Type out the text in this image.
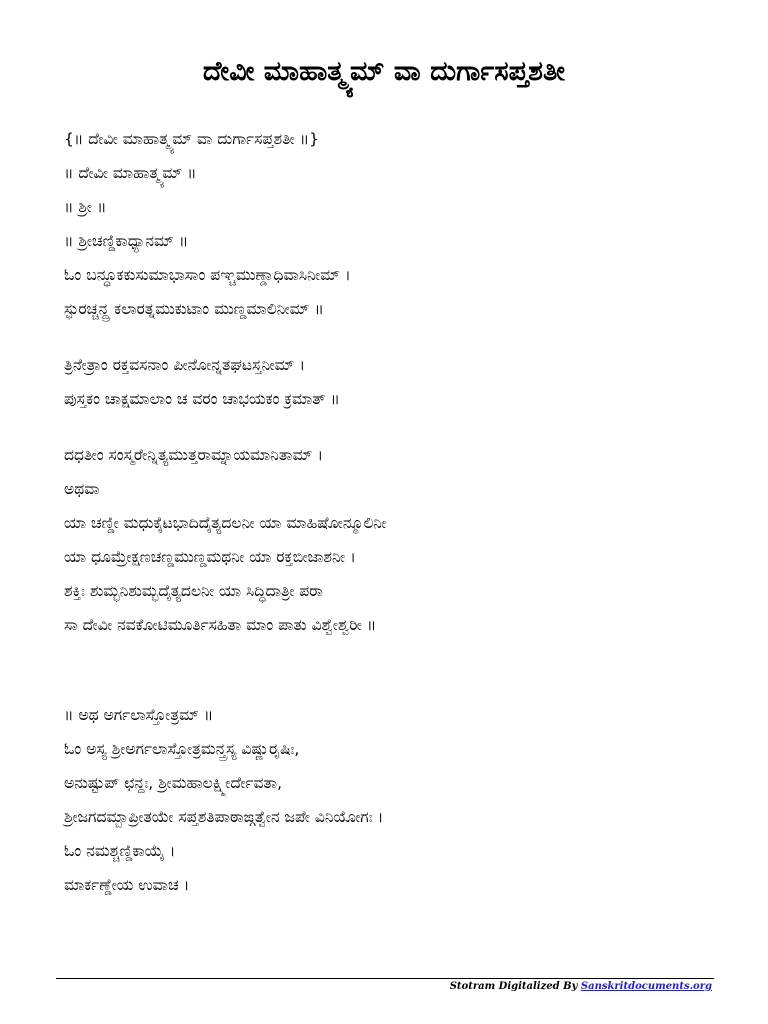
ದೇವೀ ಮಾಹಾತ್ಮ್ಯಮ್ ವಾ ದುರ್ಗಾಸಪ್ತಶತೀ
{॥ ದೇವೀ ಮಾಹಾತ್ಮ್ಯಮ್ ವಾ ದುರ್ಗಾಸಪ್ತಶತೀ ॥}
॥ ದೇವೀ ಮಾಹಾತ್ಮ್ಯಮ್ ॥
॥ ಶ್ರೀ ॥
॥ ಶ್ರೀಚಣ್ಡಿಕಾಧ್ಯಾನಮ್ ॥
ಓಂ ಬನ್ಧೂಕಕುಸುಮಾಭಾಸಾಂ ಪಞ್ಚಮುಣ್ಡಾಧಿವಾಸಿನೀಮ್ ।
ಸ್ಫುರಚ್ಚನ್ದ್ರ ಕಲಾರತ್ನಮುಕುಟಾಂ ಮುಣ್ಡಮಾಲಿನೀಮ್ ॥
ತ್ರಿನೇತ್ರಾಂ ರಕ್ತವಸನಾಂ ಪೀನೋನ್ನತಘಟಸ್ತನೀಮ್ ।
ಪುಸ್ತಕಂ ಚಾಕ್ಷಮಾಲಾಂ ಚ ವರಂ ಚಾಭಯಕಂ ಕ್ರಮಾತ್ ॥
ದಧತೀಂ ಸಂಸ್ಮರೇನ್ನಿತ್ಯಮುತ್ತರಾಮ್ನಾಯಮಾನಿತಾಮ್ ।
ಅಥವಾ
ಯಾ ಚಣ್ಡೀ ಮಧುಕೈಟಭಾದಿದೈತ್ಯದಲನೀ ಯಾ ಮಾಹಿಷೋನ್ಮೂಲಿನೀ
ಯಾ ಧೂಮ್ರೇಕ್ಷಣಚಣ್ಡಮುಣ್ಡಮಥನೀ ಯಾ ರಕ್ತಬೀಜಾಶನೀ ।
ಶಕ್ತಿಃ ಶುಮ್ಭನಿಶುಮ್ಭದೈತ್ಯದಲನೀ ಯಾ ಸಿದ್ಧಿದಾತ್ರೀ ಪರಾ
ಸಾ ದೇವೀ ನವಕೋಟಿಮೂರ್ತಿಸಹಿತಾ ಮಾಂ ಪಾತು ವಿಶ್ವೇಶ್ವರೀ ॥
॥ ಅಥ ಅರ್ಗಲಾಸ್ತೋತ್ರಮ್ ॥
ಓಂ ಅಸ್ಯ ಶ್ರೀಅರ್ಗಲಾಸ್ತೋತ್ರಮನ್ತ್ರಸ್ಯ ವಿಷ್ಣುರೃಷಿಃ,
ಅನುಷ್ಟುಪ್ ಛನ್ದಃ, ಶ್ರೀಮಹಾಲಕ್ಷ್ಮೀರ್ದೇವತಾ,
ಶ್ರೀಜಗದಮ್ಬಾಪ್ರೀತಯೇ ಸಪ್ತಶತಿಪಾಠಾಙ್ಗತ್ವೇನ ಜಪೇ ವಿನಿಯೋಗಃ ।
ಓಂ ನಮಶ್ಚಣ್ಡಿಕಾಯೈ ।
ಮಾರ್ಕಣ್ಡೇಯ ಉವಾಚ ।
Stotram Digitalized By Sanskritdocuments.org
